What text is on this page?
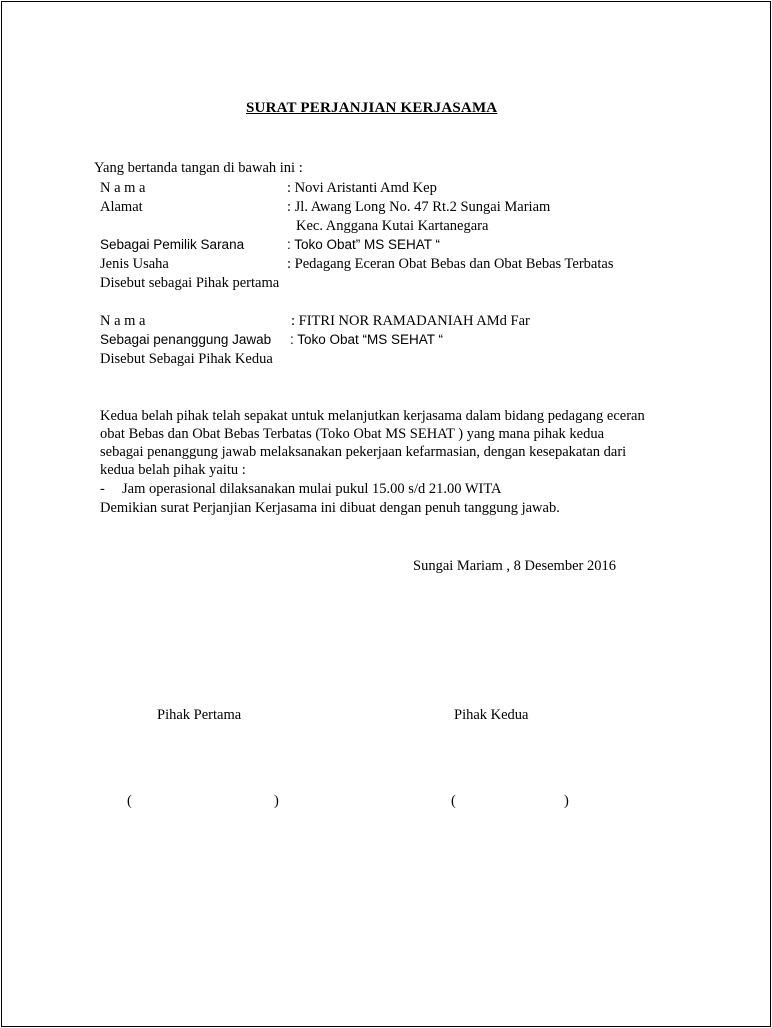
SURAT PERJANJIAN KERJASAMA
Yang bertanda tangan di bawah ini :
N a m a	: Novi Aristanti Amd Kep
Alamat	: Jl. Awang Long No. 47 Rt.2 Sungai Mariam
Kec. Anggana Kutai Kartanegara
Sebagai Pemilik Sarana	: Toko Obat” MS SEHAT “
Jenis Usaha	: Pedagang Eceran Obat Bebas dan Obat Bebas Terbatas
Disebut sebagai Pihak pertama
N a m a	: FITRI NOR RAMADANIAH AMd Far
Sebagai penanggung Jawab : Toko Obat “MS SEHAT “
Disebut Sebagai Pihak Kedua
Kedua belah pihak telah sepakat untuk melanjutkan kerjasama dalam bidang pedagang eceran
obat Bebas dan Obat Bebas Terbatas (Toko Obat MS SEHAT ) yang mana pihak kedua
sebagai penanggung jawab melaksanakan pekerjaan kefarmasian, dengan kesepakatan dari
kedua belah pihak yaitu :
- Jam operasional dilaksanakan mulai pukul 15.00 s/d 21.00 WITA
Demikian surat Perjanjian Kerjasama ini dibuat dengan penuh tanggung jawab.
Sungai Mariam , 8 Desember 2016
Pihak Pertama	Pihak Kedua
(	)	(	)
